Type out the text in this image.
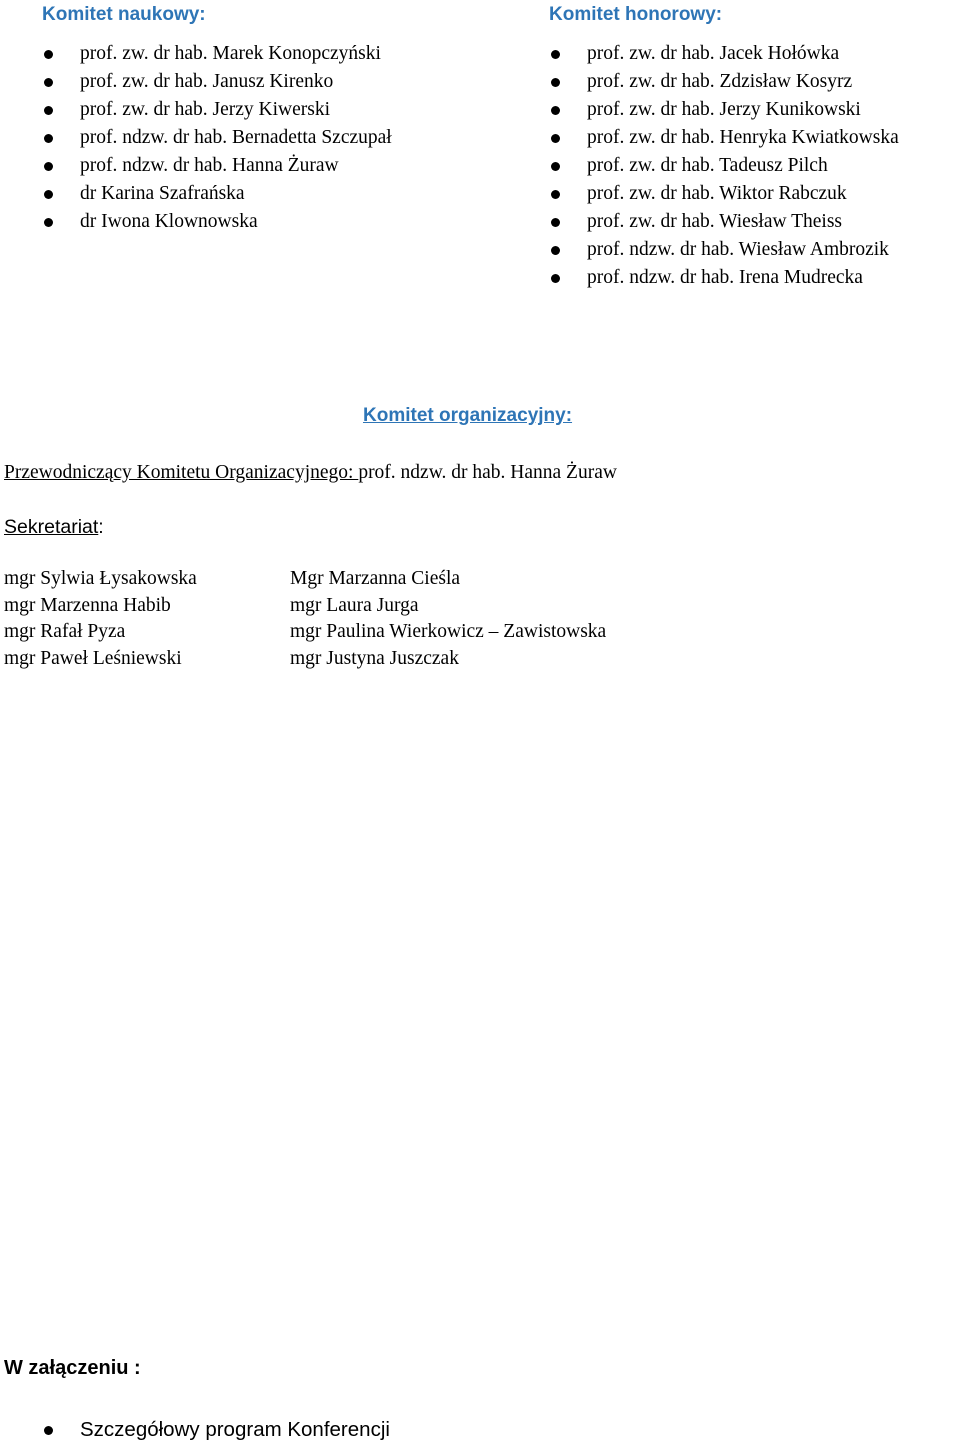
Komitet naukowy:
prof. zw. dr hab. Marek Konopczyński
prof. zw. dr hab. Janusz Kirenko
prof. zw. dr hab. Jerzy Kiwerski
prof. ndzw. dr hab. Bernadetta Szczupał
prof. ndzw. dr hab. Hanna Żuraw
dr Karina Szafrańska
dr Iwona Klownowska
Komitet honorowy:
prof. zw. dr hab. Jacek Hołówka
prof. zw. dr hab. Zdzisław Kosyrz
prof. zw. dr hab. Jerzy Kunikowski
prof. zw. dr hab. Henryka Kwiatkowska
prof. zw. dr hab. Tadeusz Pilch
prof. zw. dr hab. Wiktor Rabczuk
prof. zw. dr hab. Wiesław Theiss
prof. ndzw. dr hab. Wiesław Ambrozik
prof. ndzw. dr hab. Irena Mudrecka
Komitet organizacyjny:
Przewodniczący Komitetu Organizacyjnego: prof. ndzw. dr hab. Hanna Żuraw
Sekretariat:
mgr Sylwia Łysakowska
mgr Marzenna Habib
mgr Rafał Pyza
mgr Paweł Leśniewski
Mgr Marzanna Cieśla
mgr Laura Jurga
mgr Paulina Wierkowicz – Zawistowska
mgr Justyna Juszczak
W załączeniu :
Szczegółowy program Konferencji
